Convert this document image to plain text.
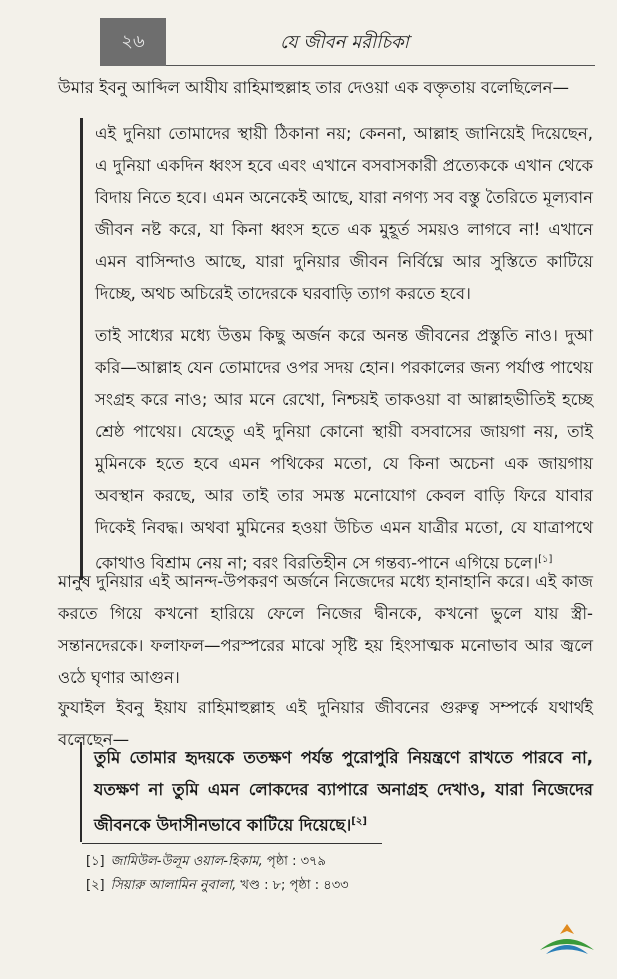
২৬	যে জীবন মরীচিকা
উমার ইবনু আব্দিল আযীয রাহিমাহুল্লাহ তার দেওয়া এক বক্তৃতায় বলেছিলেন—
এই দুনিয়া তোমাদের স্থায়ী ঠিকানা নয়; কেননা, আল্লাহ জানিয়েই দিয়েছেন, এ দুনিয়া একদিন ধ্বংস হবে এবং এখানে বসবাসকারী প্রত্যেককে এখান থেকে বিদায় নিতে হবে। এমন অনেকেই আছে, যারা নগণ্য সব বস্তু তৈরিতে মূল্যবান জীবন নষ্ট করে, যা কিনা ধ্বংস হতে এক মুহূর্ত সময়ও লাগবে না! এখানে এমন বাসিন্দাও আছে, যারা দুনিয়ার জীবন নির্বিঘ্নে আর সুস্তিতে কাটিয়ে দিচ্ছে, অথচ অচিরেই তাদেরকে ঘরবাড়ি ত্যাগ করতে হবে।
তাই সাধ্যের মধ্যে উত্তম কিছু অর্জন করে অনন্ত জীবনের প্রস্তুতি নাও। দুআ করি—আল্লাহ যেন তোমাদের ওপর সদয় হোন। পরকালের জন্য পর্যাপ্ত পাথেয় সংগ্রহ করে নাও; আর মনে রেখো, নিশ্চয়ই তাকওয়া বা আল্লাহভীতিই হচ্ছে শ্রেষ্ঠ পাথেয়। যেহেতু এই দুনিয়া কোনো স্থায়ী বসবাসের জায়গা নয়, তাই মুমিনকে হতে হবে এমন পথিকের মতো, যে কিনা অচেনা এক জায়গায় অবস্থান করছে, আর তাই তার সমস্ত মনোযোগ কেবল বাড়ি ফিরে যাবার দিকেই নিবদ্ধ। অথবা মুমিনের হওয়া উচিত এমন যাত্রীর মতো, যে যাত্রাপথে কোথাও বিশ্রাম নেয় না; বরং বিরতিহীন সে গন্তব্য-পানে এগিয়ে চলে।[১]
মানুষ দুনিয়ার এই আনন্দ-উপকরণ অর্জনে নিজেদের মধ্যে হানাহানি করে। এই কাজ করতে গিয়ে কখনো হারিয়ে ফেলে নিজের দ্বীনকে, কখনো ভুলে যায় স্ত্রী-সন্তানদেরকে। ফলাফল—পরস্পরের মাঝে সৃষ্টি হয় হিংসাত্মক মনোভাব আর জ্বলে ওঠে ঘৃণার আগুন।
ফুযাইল ইবনু ইয়ায রাহিমাহুল্লাহ এই দুনিয়ার জীবনের গুরুত্ব সম্পর্কে যথার্থই বলেছেন—
তুমি তোমার হৃদয়কে ততক্ষণ পর্যন্ত পুরোপুরি নিয়ন্ত্রণে রাখতে পারবে না, যতক্ষণ না তুমি এমন লোকদের ব্যাপারে অনাগ্রহ দেখাও, যারা নিজেদের জীবনকে উদাসীনভাবে কাটিয়ে দিয়েছে।[২]
[১] জামিউল-উলূম ওয়াল-হিকাম, পৃষ্ঠা : ৩৭৯
[২] সিয়ারু আলামিন নুবালা, খণ্ড : ৮; পৃষ্ঠা : ৪৩৩
